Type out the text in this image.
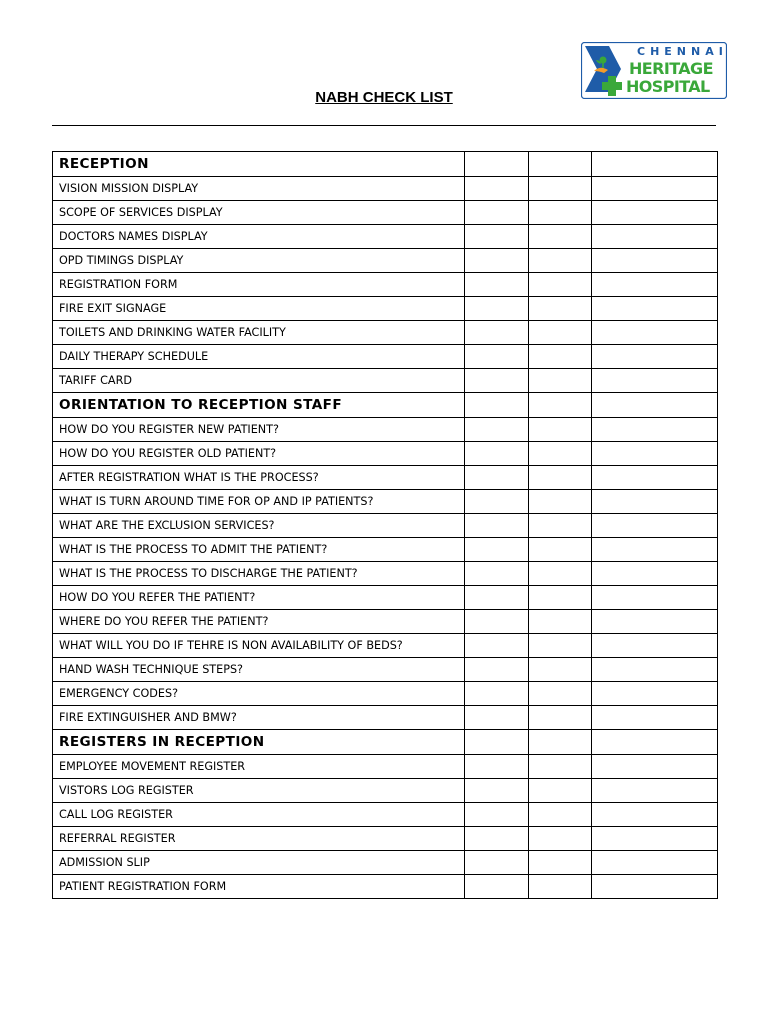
CHENNAI
HERITAGE
HOSPITAL
NABH CHECK LIST
RECEPTION			
VISION MISSION DISPLAY			
SCOPE OF SERVICES DISPLAY			
DOCTORS NAMES DISPLAY			
OPD TIMINGS DISPLAY			
REGISTRATION FORM			
FIRE EXIT SIGNAGE			
TOILETS AND DRINKING WATER FACILITY			
DAILY THERAPY SCHEDULE			
TARIFF CARD			
ORIENTATION TO RECEPTION STAFF			
HOW DO YOU REGISTER NEW PATIENT?			
HOW DO YOU REGISTER OLD PATIENT?			
AFTER REGISTRATION WHAT IS THE PROCESS?			
WHAT IS TURN AROUND TIME FOR OP AND IP PATIENTS?			
WHAT ARE THE EXCLUSION SERVICES?			
WHAT IS THE PROCESS TO ADMIT THE PATIENT?			
WHAT IS THE PROCESS TO DISCHARGE THE PATIENT?			
HOW DO YOU REFER THE PATIENT?			
WHERE DO YOU REFER THE PATIENT?			
WHAT WILL YOU DO IF TEHRE IS NON AVAILABILITY OF BEDS?			
HAND WASH TECHNIQUE STEPS?			
EMERGENCY CODES?			
FIRE EXTINGUISHER AND BMW?			
REGISTERS IN RECEPTION			
EMPLOYEE MOVEMENT REGISTER			
VISTORS LOG REGISTER			
CALL LOG REGISTER			
REFERRAL REGISTER			
ADMISSION SLIP			
PATIENT REGISTRATION FORM			
